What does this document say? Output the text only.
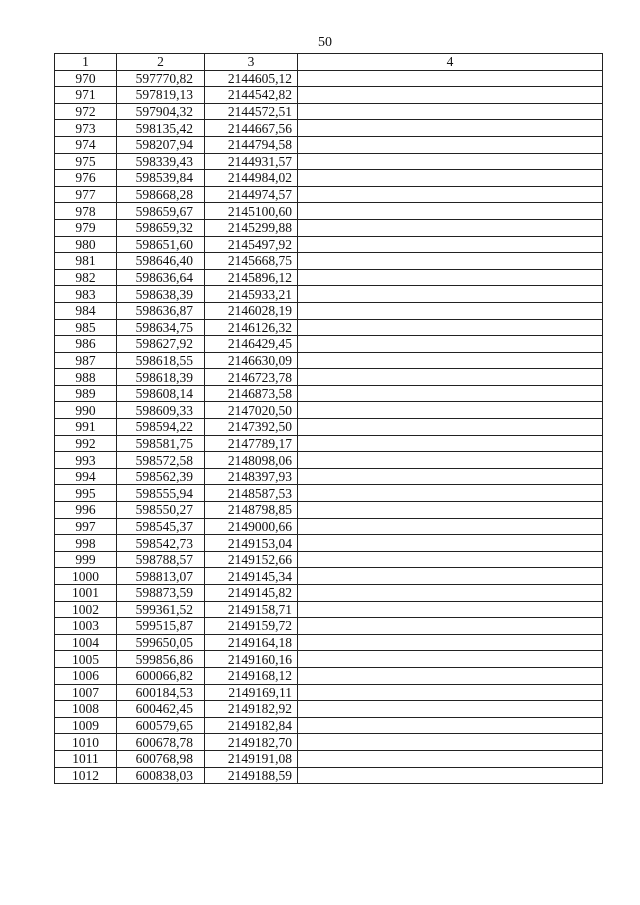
50
1	2	3	4
970	597770,82	2144605,12	
971	597819,13	2144542,82	
972	597904,32	2144572,51	
973	598135,42	2144667,56	
974	598207,94	2144794,58	
975	598339,43	2144931,57	
976	598539,84	2144984,02	
977	598668,28	2144974,57	
978	598659,67	2145100,60	
979	598659,32	2145299,88	
980	598651,60	2145497,92	
981	598646,40	2145668,75	
982	598636,64	2145896,12	
983	598638,39	2145933,21	
984	598636,87	2146028,19	
985	598634,75	2146126,32	
986	598627,92	2146429,45	
987	598618,55	2146630,09	
988	598618,39	2146723,78	
989	598608,14	2146873,58	
990	598609,33	2147020,50	
991	598594,22	2147392,50	
992	598581,75	2147789,17	
993	598572,58	2148098,06	
994	598562,39	2148397,93	
995	598555,94	2148587,53	
996	598550,27	2148798,85	
997	598545,37	2149000,66	
998	598542,73	2149153,04	
999	598788,57	2149152,66	
1000	598813,07	2149145,34	
1001	598873,59	2149145,82	
1002	599361,52	2149158,71	
1003	599515,87	2149159,72	
1004	599650,05	2149164,18	
1005	599856,86	2149160,16	
1006	600066,82	2149168,12	
1007	600184,53	2149169,11	
1008	600462,45	2149182,92	
1009	600579,65	2149182,84	
1010	600678,78	2149182,70	
1011	600768,98	2149191,08	
1012	600838,03	2149188,59	
